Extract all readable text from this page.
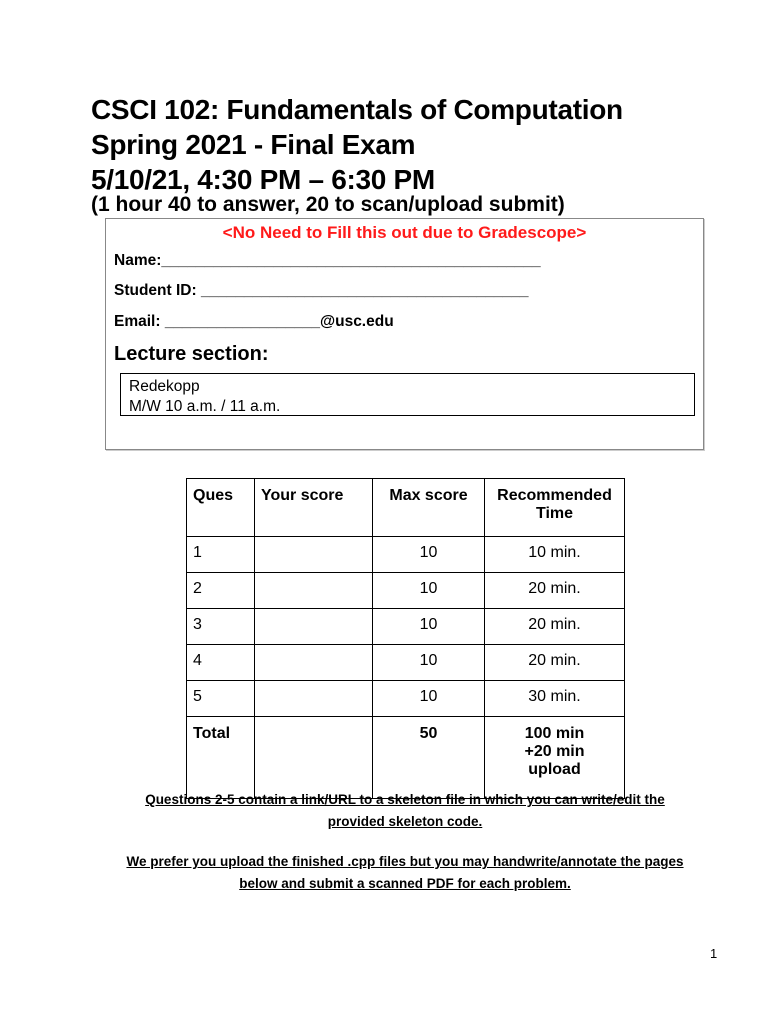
CSCI 102: Fundamentals of Computation
Spring 2021 - Final Exam
5/10/21, 4:30 PM – 6:30 PM
(1 hour 40 to answer, 20 to scan/upload submit)
<No Need to Fill this out due to Gradescope>
Name:____________________________________________
Student ID: ______________________________________
Email: __________________@usc.edu
Lecture section:
Redekopp
M/W 10 a.m. / 11 a.m.
Ques	Your score	Max score	Recommended Time
1		10	10 min.
2		10	20 min.
3		10	20 min.
4		10	20 min.
5		10	30 min.
Total		50	100 min
+20 min
upload
Questions 2-5 contain a link/URL to a skeleton file in which you can write/edit the
provided skeleton code.
We prefer you upload the finished .cpp files but you may handwrite/annotate the pages
below and submit a scanned PDF for each problem.
1
